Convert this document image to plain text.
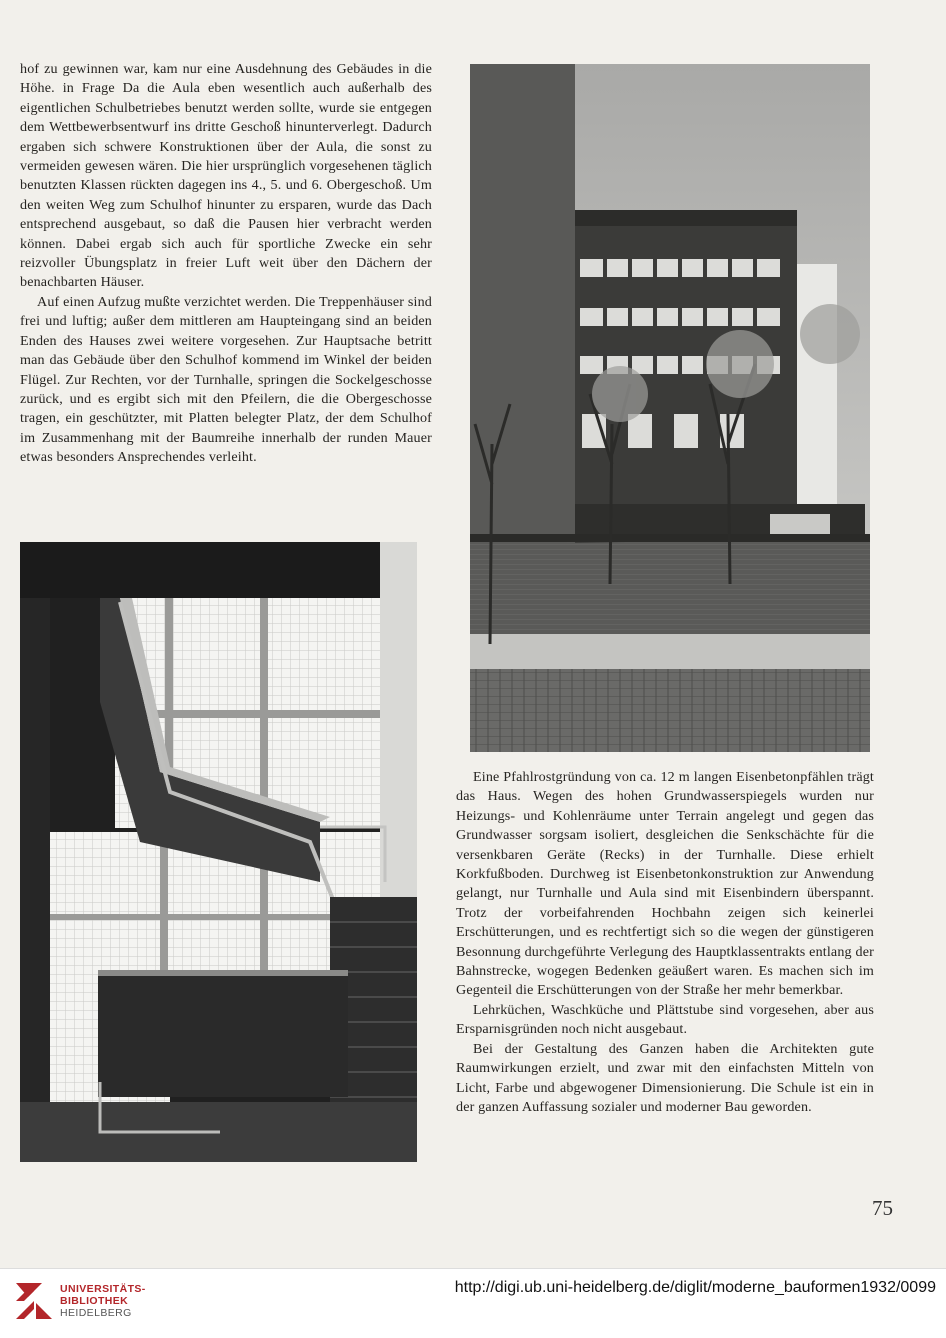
hof zu gewinnen war, kam nur eine Ausdehnung des Gebäudes in die Höhe. in Frage Da die Aula eben wesentlich auch außerhalb des eigentlichen Schulbetriebes benutzt werden sollte, wurde sie entgegen dem Wettbewerbsentwurf ins dritte Geschoß hinunterverlegt. Dadurch ergaben sich schwere Konstruktionen über der Aula, die sonst zu vermeiden gewesen wären. Die hier ursprünglich vorgesehenen täglich benutzten Klassen rückten dagegen ins 4., 5. und 6. Obergeschoß. Um den weiten Weg zum Schulhof hinunter zu ersparen, wurde das Dach entsprechend ausgebaut, so daß die Pausen hier verbracht werden können. Dabei ergab sich auch für sportliche Zwecke ein sehr reizvoller Übungsplatz in freier Luft weit über den Dächern der benachbarten Häuser.

Auf einen Aufzug mußte verzichtet werden. Die Treppenhäuser sind frei und luftig; außer dem mittleren am Haupteingang sind an beiden Enden des Hauses zwei weitere vorgesehen. Zur Hauptsache betritt man das Gebäude über den Schulhof kommend im Winkel der beiden Flügel. Zur Rechten, vor der Turnhalle, springen die Sockelgeschosse zurück, und es ergibt sich mit den Pfeilern, die die Obergeschosse tragen, ein geschützter, mit Platten belegter Platz, der dem Schulhof im Zusammenhang mit der Baumreihe innerhalb der runden Mauer etwas besonders Ansprechendes verleiht.

Eine Pfahlrostgründung von ca. 12 m langen Eisenbetonpfählen trägt das Haus. Wegen des hohen Grundwasserspiegels wurden nur Heizungs- und Kohlenräume unter Terrain angelegt und gegen das Grundwasser sorgsam isoliert, desgleichen die Senkschächte für die versenkbaren Geräte (Recks) in der Turnhalle. Diese erhielt Korkfußboden. Durchweg ist Eisenbetonkonstruktion zur Anwendung gelangt, nur Turnhalle und Aula sind mit Eisenbindern überspannt. Trotz der vorbeifahrenden Hochbahn zeigen sich keinerlei Erschütterungen, und es rechtfertigt sich so die wegen der günstigeren Besonnung durchgeführte Verlegung des Hauptklassentrakts entlang der Bahnstrecke, wogegen Bedenken geäußert waren. Es machen sich im Gegenteil die Erschütterungen von der Straße her mehr bemerkbar.

Lehrküchen, Waschküche und Plättstube sind vorgesehen, aber aus Ersparnisgründen noch nicht ausgebaut.

Bei der Gestaltung des Ganzen haben die Architekten gute Raumwirkungen erzielt, und zwar mit den einfachsten Mitteln von Licht, Farbe und abgewogener Dimensionierung. Die Schule ist ein in der ganzen Auffassung sozialer und moderner Bau geworden.

75
UNIVERSITÄTS-
BIBLIOTHEK
HEIDELBERG
http://digi.ub.uni-heidelberg.de/diglit/moderne_bauformen1932/0099
